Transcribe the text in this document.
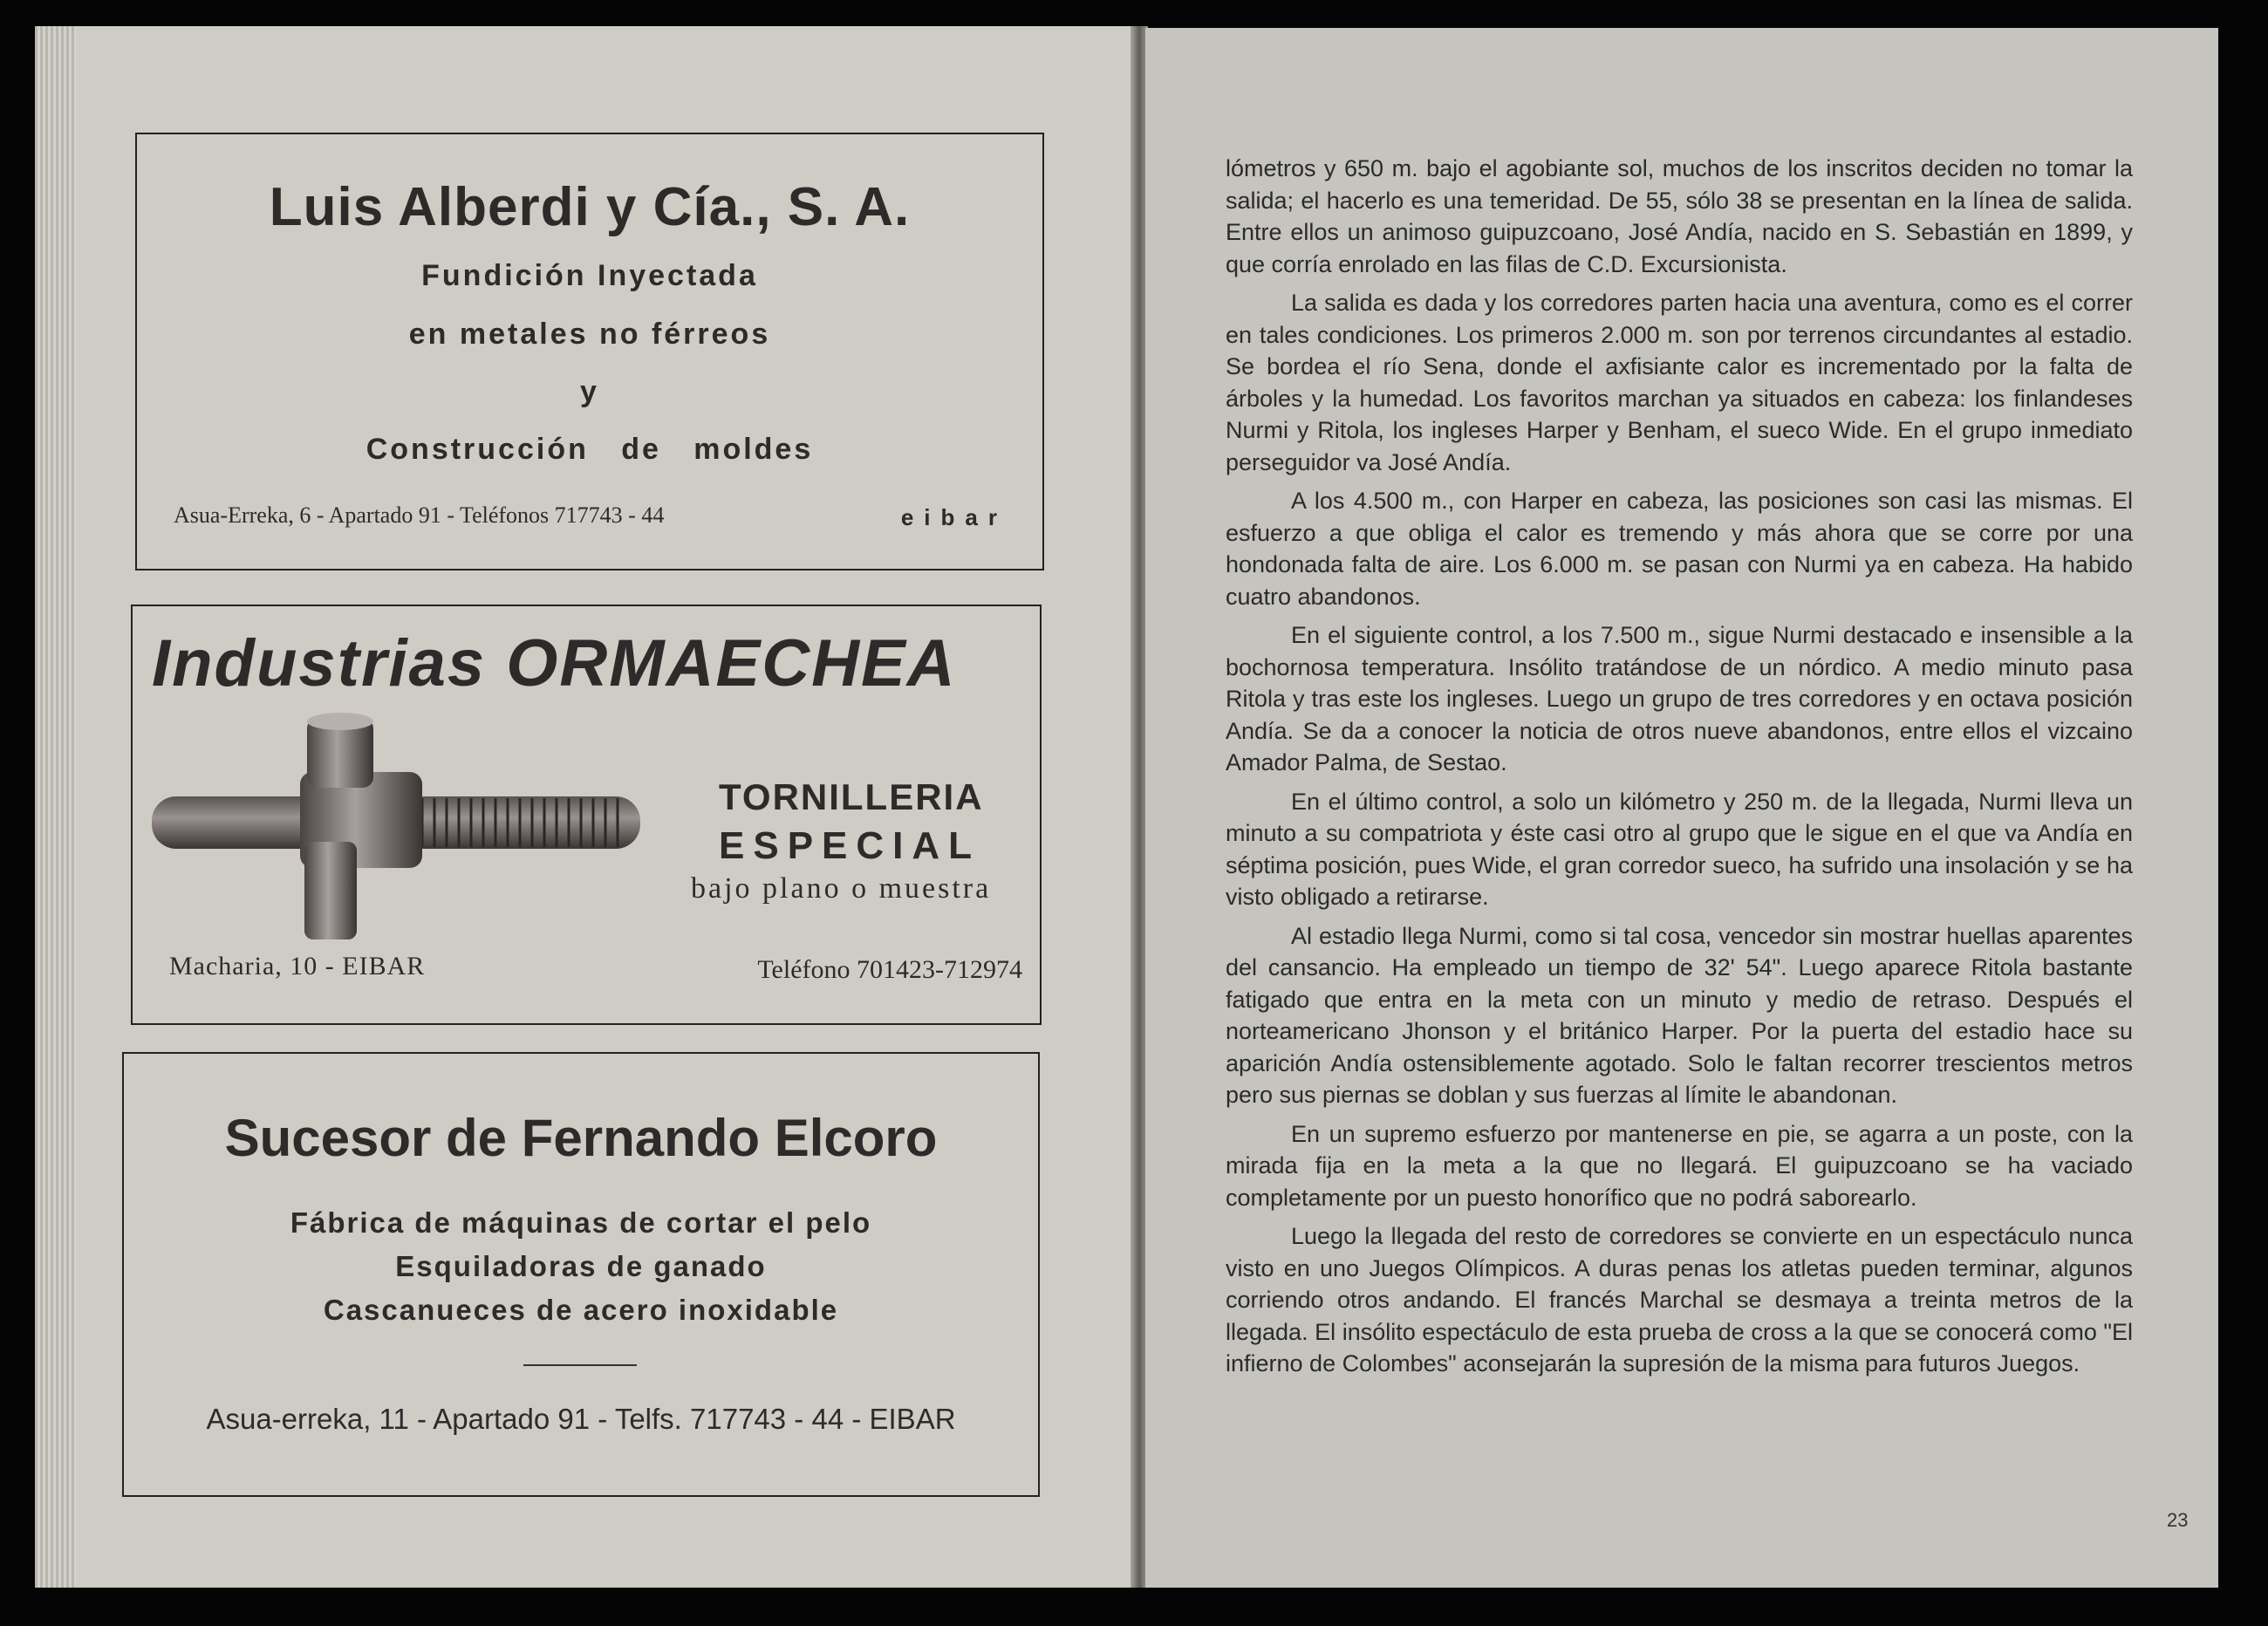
Luis Alberdi y Cía., S. A.
Fundición Inyectada
en metales no férreos
y
Construcción   de   moldes
Asua-Erreka, 6 - Apartado 91 - Teléfonos 717743 - 44	eibar
Industrias ORMAECHEA
TORNILLERIA
ESPECIAL
bajo plano o muestra
Macharia, 10 - EIBAR	Teléfono 701423-712974
Sucesor de Fernando Elcoro
Fábrica de máquinas de cortar el pelo
Esquiladoras de ganado
Cascanueces de acero inoxidable
Asua-erreka, 11 - Apartado 91 - Telfs. 717743 - 44 - EIBAR

lómetros y 650 m. bajo el agobiante sol, muchos de los inscritos deciden no tomar la salida; el hacerlo es una temeridad. De 55, sólo 38 se presentan en la línea de salida. Entre ellos un animoso guipuzcoano, José Andía, nacido en S. Sebastián en 1899, y que corría enrolado en las filas de C.D. Excursionista.

La salida es dada y los corredores parten hacia una aventura, como es el correr en tales condiciones. Los primeros 2.000 m. son por terrenos circundantes al estadio. Se bordea el río Sena, donde el axfisiante calor es incrementado por la falta de árboles y la humedad. Los favoritos marchan ya situados en cabeza: los finlandeses Nurmi y Ritola, los ingleses Harper y Benham, el sueco Wide. En el grupo inmediato perseguidor va José Andía.

A los 4.500 m., con Harper en cabeza, las posiciones son casi las mismas. El esfuerzo a que obliga el calor es tremendo y más ahora que se corre por una hondonada falta de aire. Los 6.000 m. se pasan con Nurmi ya en cabeza. Ha habido cuatro abandonos.

En el siguiente control, a los 7.500 m., sigue Nurmi destacado e insensible a la bochornosa temperatura. Insólito tratándose de un nórdico. A medio minuto pasa Ritola y tras este los ingleses. Luego un grupo de tres corredores y en octava posición Andía. Se da a conocer la noticia de otros nueve abandonos, entre ellos el vizcaino Amador Palma, de Sestao.

En el último control, a solo un kilómetro y 250 m. de la llegada, Nurmi lleva un minuto a su compatriota y éste casi otro al grupo que le sigue en el que va Andía en séptima posición, pues Wide, el gran corredor sueco, ha sufrido una insolación y se ha visto obligado a retirarse.

Al estadio llega Nurmi, como si tal cosa, vencedor sin mostrar huellas aparentes del cansancio. Ha empleado un tiempo de 32' 54". Luego aparece Ritola bastante fatigado que entra en la meta con un minuto y medio de retraso. Después el norteamericano Jhonson y el británico Harper. Por la puerta del estadio hace su aparición Andía ostensiblemente agotado. Solo le faltan recorrer trescientos metros pero sus piernas se doblan y sus fuerzas al límite le abandonan.

En un supremo esfuerzo por mantenerse en pie, se agarra a un poste, con la mirada fija en la meta a la que no llegará. El guipuzcoano se ha vaciado completamente por un puesto honorífico que no podrá saborearlo.

Luego la llegada del resto de corredores se convierte en un espectáculo nunca visto en uno Juegos Olímpicos. A duras penas los atletas pueden terminar, algunos corriendo otros andando. El francés Marchal se desmaya a treinta metros de la llegada. El insólito espectáculo de esta prueba de cross a la que se conocerá como "El infierno de Colombes" aconsejarán la supresión de la misma para futuros Juegos.

23
